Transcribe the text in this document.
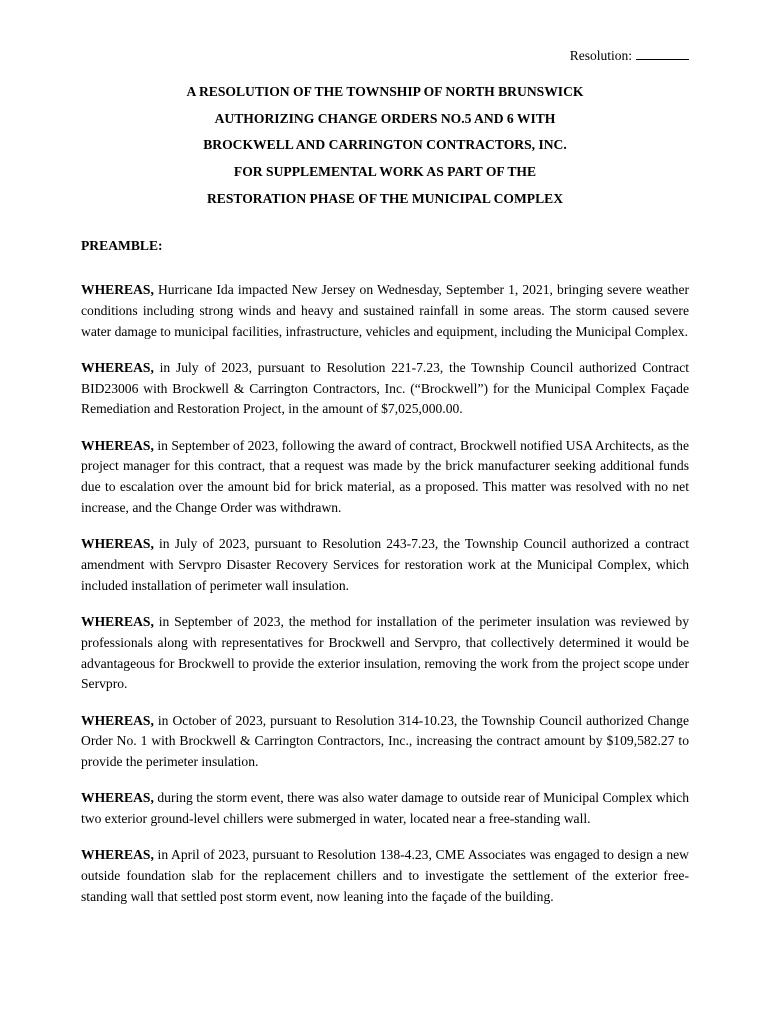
Resolution:
A RESOLUTION OF THE TOWNSHIP OF NORTH BRUNSWICK
AUTHORIZING CHANGE ORDERS NO.5 AND 6 WITH
BROCKWELL AND CARRINGTON CONTRACTORS, INC.
FOR SUPPLEMENTAL WORK AS PART OF THE
RESTORATION PHASE OF THE MUNICIPAL COMPLEX
PREAMBLE:

WHEREAS, Hurricane Ida impacted New Jersey on Wednesday, September 1, 2021, bringing severe weather conditions including strong winds and heavy and sustained rainfall in some areas. The storm caused severe water damage to municipal facilities, infrastructure, vehicles and equipment, including the Municipal Complex.

WHEREAS, in July of 2023, pursuant to Resolution 221-7.23, the Township Council authorized Contract BID23006 with Brockwell & Carrington Contractors, Inc. (“Brockwell”) for the Municipal Complex Façade Remediation and Restoration Project, in the amount of $7,025,000.00.

WHEREAS, in September of 2023, following the award of contract, Brockwell notified USA Architects, as the project manager for this contract, that a request was made by the brick manufacturer seeking additional funds due to escalation over the amount bid for brick material, as a proposed. This matter was resolved with no net increase, and the Change Order was withdrawn.

WHEREAS, in July of 2023, pursuant to Resolution 243-7.23, the Township Council authorized a contract amendment with Servpro Disaster Recovery Services for restoration work at the Municipal Complex, which included installation of perimeter wall insulation.

WHEREAS, in September of 2023, the method for installation of the perimeter insulation was reviewed by professionals along with representatives for Brockwell and Servpro, that collectively determined it would be advantageous for Brockwell to provide the exterior insulation, removing the work from the project scope under Servpro.

WHEREAS, in October of 2023, pursuant to Resolution 314-10.23, the Township Council authorized Change Order No. 1 with Brockwell & Carrington Contractors, Inc., increasing the contract amount by $109,582.27 to provide the perimeter insulation.

WHEREAS, during the storm event, there was also water damage to outside rear of Municipal Complex which two exterior ground-level chillers were submerged in water, located near a free-standing wall.

WHEREAS, in April of 2023, pursuant to Resolution 138-4.23, CME Associates was engaged to design a new outside foundation slab for the replacement chillers and to investigate the settlement of the exterior free-standing wall that settled post storm event, now leaning into the façade of the building.
